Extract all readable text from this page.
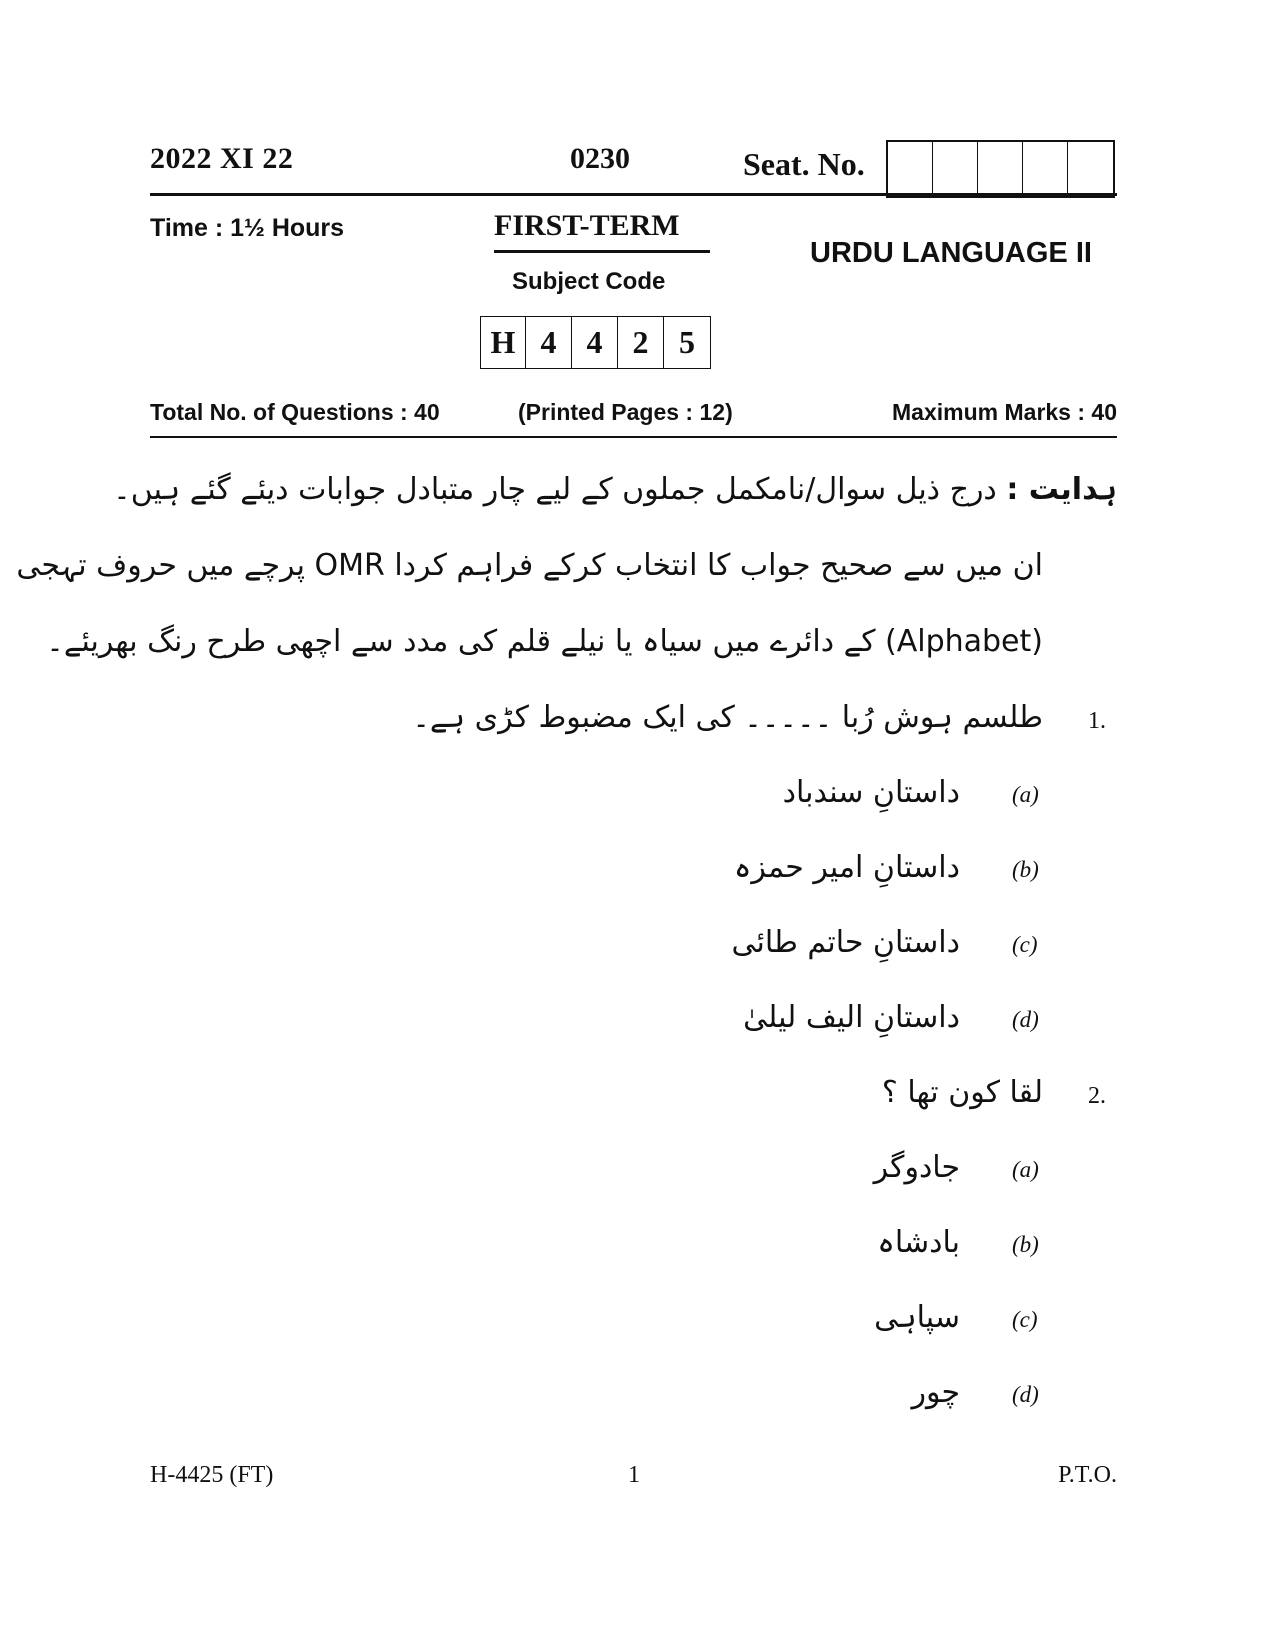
2022 XI 22	0230	Seat. No.
Time : 1½ Hours	FIRST-TERM
Subject Code
URDU LANGUAGE II
H 4 4 2 5
Total No. of Questions : 40	(Printed Pages : 12)	Maximum Marks : 40
ہدایت : درج ذیل سوال/نامکمل جملوں کے لیے چار متبادل جوابات دیئے گئے ہیں۔
ان میں سے صحیح جواب کا انتخاب کرکے فراہم کردا OMR پرچے میں حروف تہجی
(Alphabet) کے دائرے میں سیاہ یا نیلے قلم کی مدد سے اچھی طرح رنگ بھریئے۔
1.
طلسم ہوش رُبا ۔۔۔۔۔ کی ایک مضبوط کڑی ہے۔
(a)
داستانِ سندباد
(b)
داستانِ امیر حمزہ
(c)
داستانِ حاتم طائی
(d)
داستانِ الیف لیلیٰ
2.
لقا کون تھا ؟
(a)
جادوگر
(b)
بادشاہ
(c)
سپاہی
(d)
چور
H-4425 (FT)	1	P.T.O.
